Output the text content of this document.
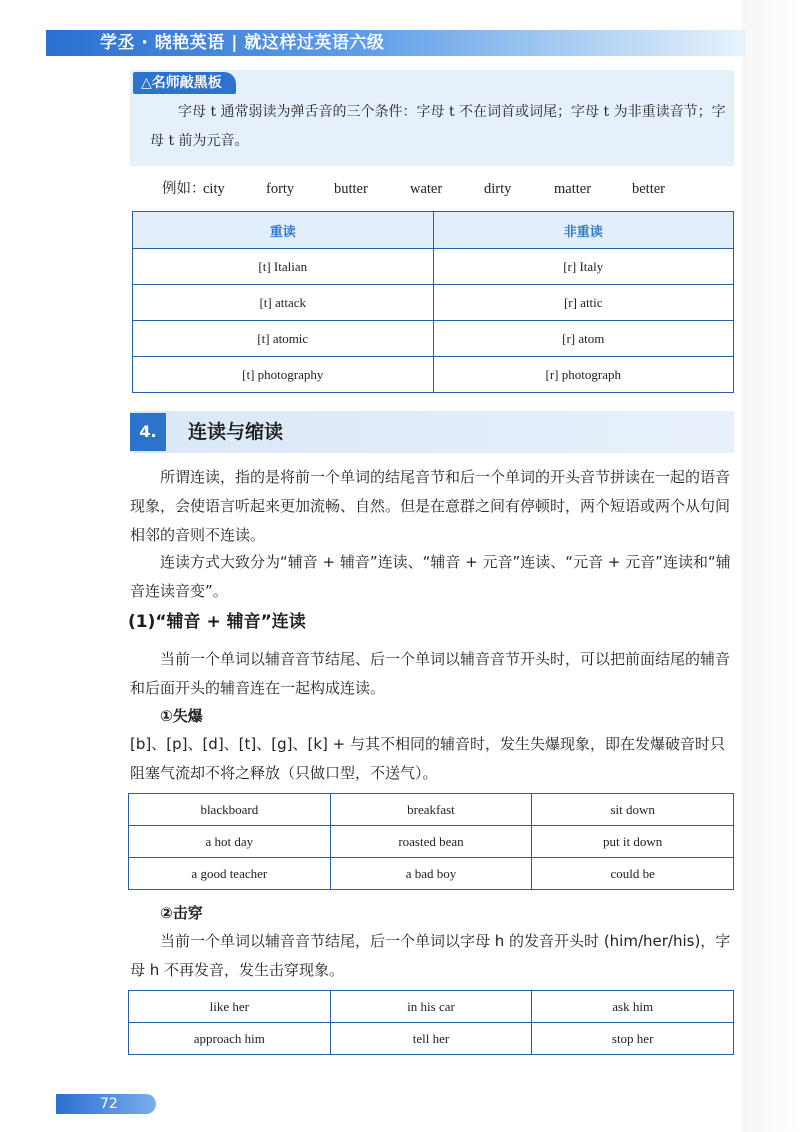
学丞 · 晓艳英语 | 就这样过英语六级
△名师敲黑板
字母 t 通常弱读为弹舌音的三个条件：字母 t 不在词首或词尾；字母 t 为非重读音节；字母 t 前为元音。
例如：
city	forty	butter	water	dirty	matter	better
重读	非重读
[t] Italian	[r] Italy
[t] attack	[r] attic
[t] atomic	[r] atom
[t] photography	[r] photograph
4.	连读与缩读
所谓连读，指的是将前一个单词的结尾音节和后一个单词的开头音节拼读在一起的语音现象，会使语言听起来更加流畅、自然。但是在意群之间有停顿时，两个短语或两个从句间相邻的音则不连读。
连读方式大致分为“辅音 + 辅音”连读、“辅音 + 元音”连读、“元音 + 元音”连读和“辅音连读音变”。
(1)“辅音 + 辅音”连读
当前一个单词以辅音音节结尾、后一个单词以辅音音节开头时，可以把前面结尾的辅音和后面开头的辅音连在一起构成连读。
①失爆
[b]、[p]、[d]、[t]、[g]、[k] + 与其不相同的辅音时，发生失爆现象，即在发爆破音时只阻塞气流却不将之释放（只做口型，不送气）。
blackboard	breakfast	sit down
a hot day	roasted bean	put it down
a good teacher	a bad boy	could be
②击穿
当前一个单词以辅音音节结尾，后一个单词以字母 h 的发音开头时 (him/her/his)，字母 h 不再发音，发生击穿现象。
like her	in his car	ask him
approach him	tell her	stop her
72
